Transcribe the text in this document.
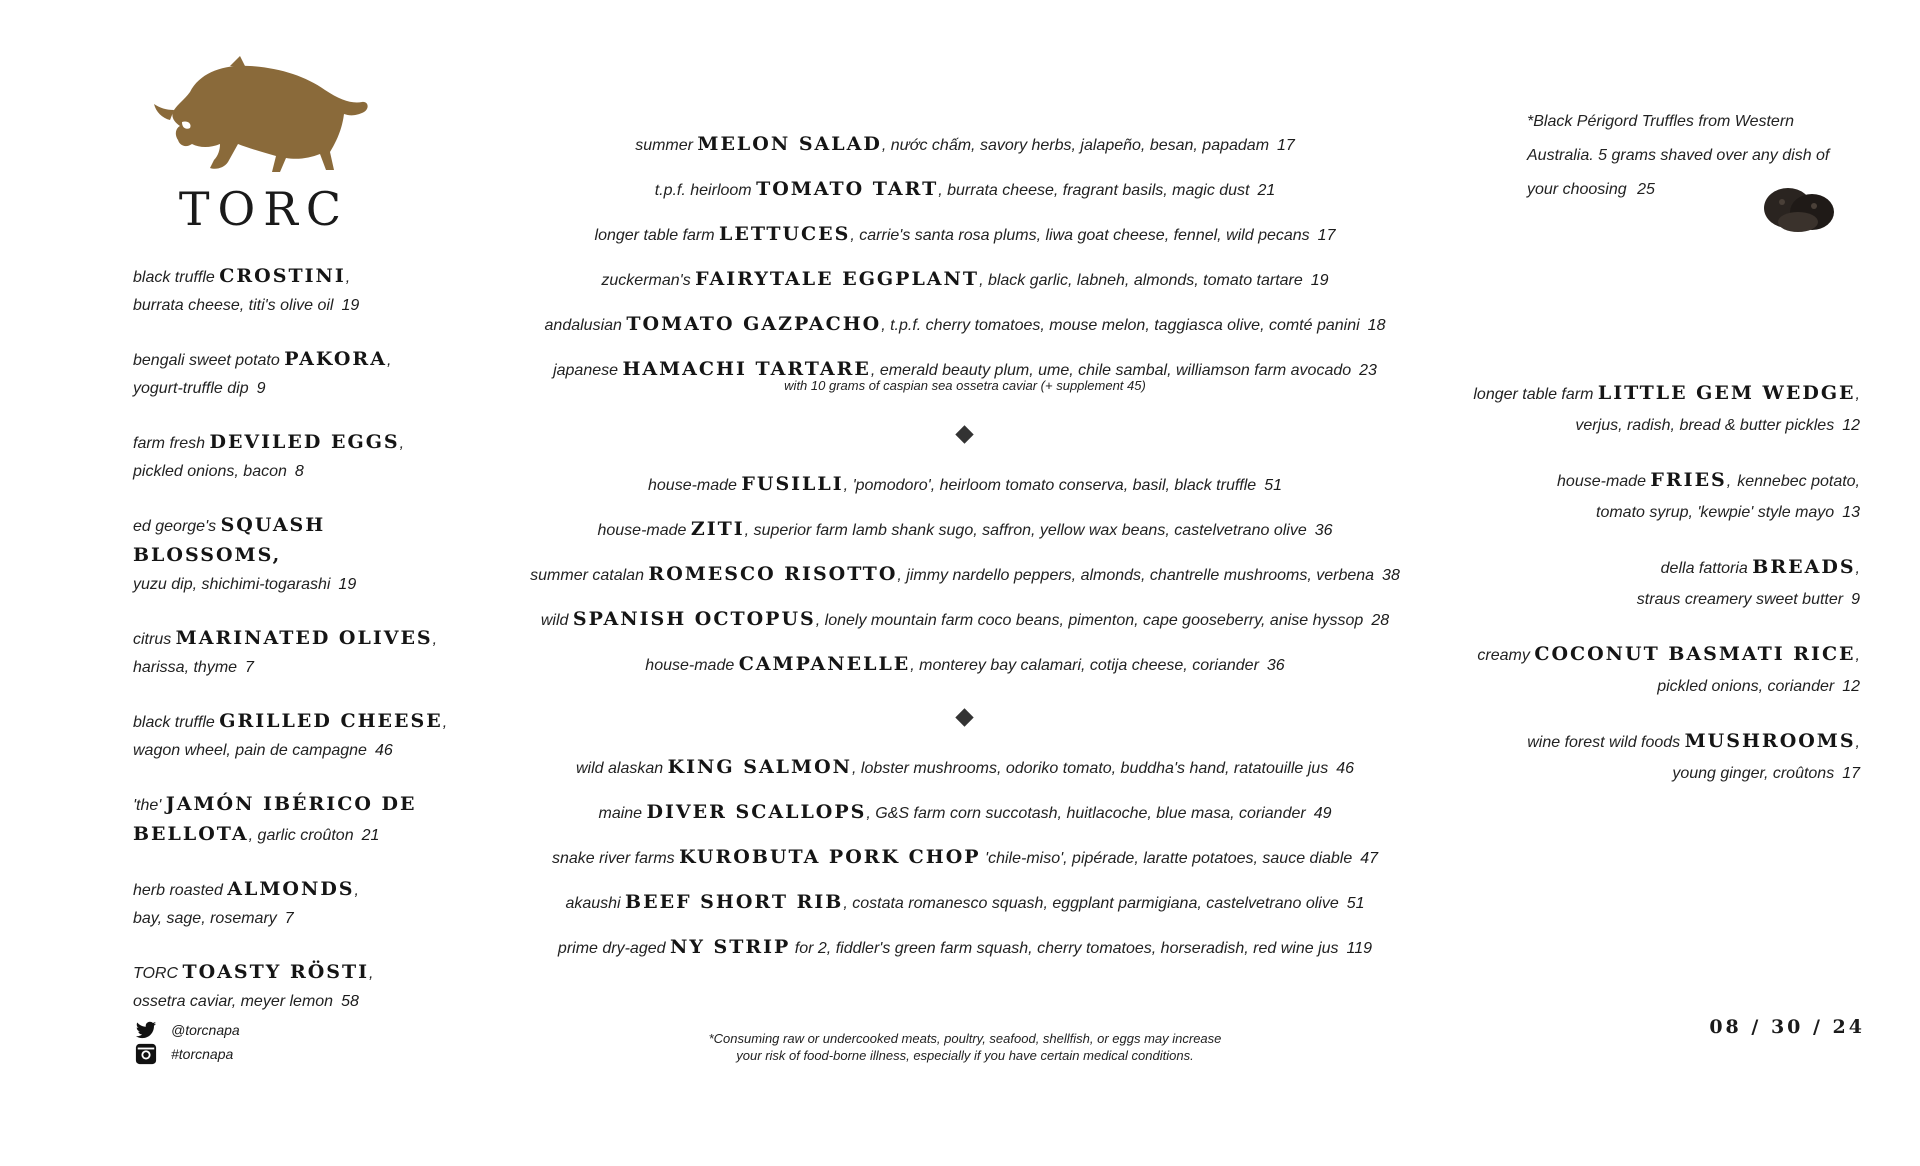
TORC
black truffle CROSTINI,
burrata cheese, titi's olive oil 19
bengali sweet potato PAKORA,
yogurt-truffle dip 9
farm fresh DEVILED EGGS,
pickled onions, bacon 8
ed george's SQUASH BLOSSOMS,
yuzu dip, shichimi-togarashi 19
citrus MARINATED OLIVES,
harissa, thyme 7
black truffle GRILLED CHEESE,
wagon wheel, pain de campagne 46
'the' JAMÓN IBÉRICO DE
BELLOTA, garlic croûton 21
herb roasted ALMONDS,
bay, sage, rosemary 7
TORC TOASTY RÖSTI,
ossetra caviar, meyer lemon 58
summer MELON SALAD, nước chấm, savory herbs, jalapeño, besan, papadam 17
t.p.f. heirloom TOMATO TART, burrata cheese, fragrant basils, magic dust 21
longer table farm LETTUCES, carrie's santa rosa plums, liwa goat cheese, fennel, wild pecans 17
zuckerman's FAIRYTALE EGGPLANT, black garlic, labneh, almonds, tomato tartare 19
andalusian TOMATO GAZPACHO, t.p.f. cherry tomatoes, mouse melon, taggiasca olive, comté panini 18
japanese HAMACHI TARTARE, emerald beauty plum, ume, chile sambal, williamson farm avocado 23
with 10 grams of caspian sea ossetra caviar (+ supplement 45)
house-made FUSILLI, 'pomodoro', heirloom tomato conserva, basil, black truffle 51
house-made ZITI, superior farm lamb shank sugo, saffron, yellow wax beans, castelvetrano olive 36
summer catalan ROMESCO RISOTTO, jimmy nardello peppers, almonds, chantrelle mushrooms, verbena 38
wild SPANISH OCTOPUS, lonely mountain farm coco beans, pimenton, cape gooseberry, anise hyssop 28
house-made CAMPANELLE, monterey bay calamari, cotija cheese, coriander 36
wild alaskan KING SALMON, lobster mushrooms, odoriko tomato, buddha's hand, ratatouille jus 46
maine DIVER SCALLOPS, G&S farm corn succotash, huitlacoche, blue masa, coriander 49
snake river farms KUROBUTA PORK CHOP 'chile-miso', pipérade, laratte potatoes, sauce diable 47
akaushi BEEF SHORT RIB, costata romanesco squash, eggplant parmigiana, castelvetrano olive 51
prime dry-aged NY STRIP for 2, fiddler's green farm squash, cherry tomatoes, horseradish, red wine jus 119
*Black Périgord Truffles from Western Australia. 5 grams shaved over any dish of your choosing 25
longer table farm LITTLE GEM WEDGE,
verjus, radish, bread & butter pickles 12
house-made FRIES, kennebec potato,
tomato syrup, 'kewpie' style mayo 13
della fattoria BREADS,
straus creamery sweet butter 9
creamy COCONUT BASMATI RICE,
pickled onions, coriander 12
wine forest wild foods MUSHROOMS,
young ginger, croûtons 17
@torcnapa
#torcnapa
*Consuming raw or undercooked meats, poultry, seafood, shellfish, or eggs may increase
your risk of food-borne illness, especially if you have certain medical conditions.
08 / 30 / 24
